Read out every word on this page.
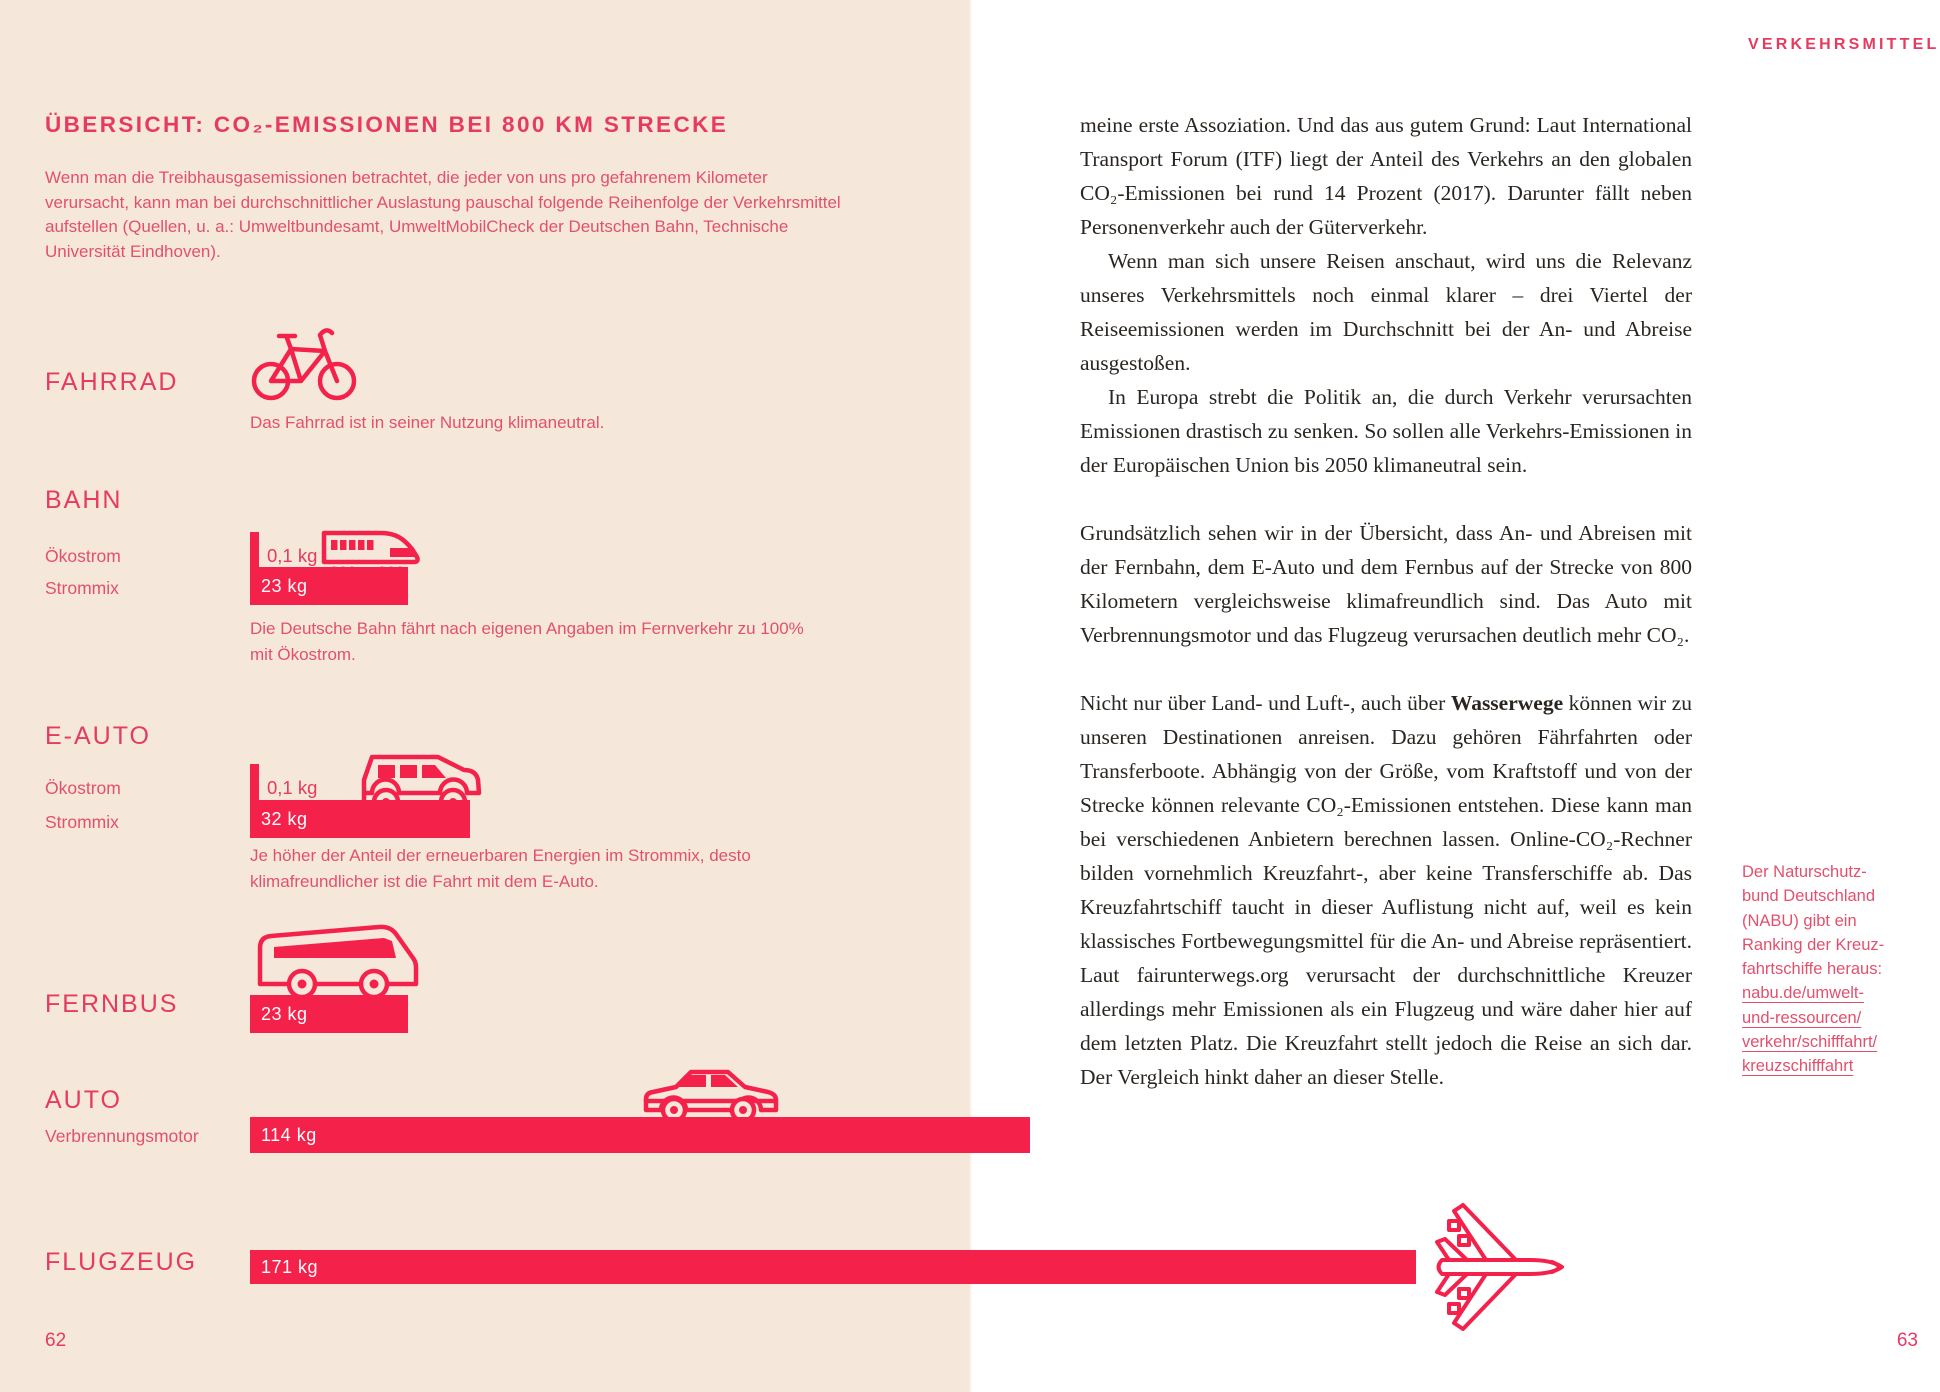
ÜBERSICHT: CO₂-EMISSIONEN BEI 800 KM STRECKE
Wenn man die Treibhausgasemissionen betrachtet, die jeder von uns pro gefahrenem Kilometer verursacht, kann man bei durchschnittlicher Auslastung pauschal folgende Reihenfolge der Verkehrsmittel aufstellen (Quellen, u. a.: Umweltbundesamt, UmweltMobilCheck der Deutschen Bahn, Technische Universität Eindhoven).
FAHRRAD
Das Fahrrad ist in seiner Nutzung klimaneutral.
BAHN
Ökostrom	0,1 kg
Strommix	23 kg
Die Deutsche Bahn fährt nach eigenen Angaben im Fernverkehr zu 100% mit Ökostrom.
E-AUTO
Ökostrom	0,1 kg
Strommix	32 kg
Je höher der Anteil der erneuerbaren Energien im Strommix, desto klimafreundlicher ist die Fahrt mit dem E-Auto.
FERNBUS	23 kg
AUTO
Verbrennungsmotor	114 kg
FLUGZEUG	171 kg
62
VERKEHRSMITTEL

meine erste Assoziation. Und das aus gutem Grund: Laut International Transport Forum (ITF) liegt der Anteil des Verkehrs an den globalen CO₂-Emissionen bei rund 14 Prozent (2017). Darunter fällt neben Personenverkehr auch der Güterverkehr.

Wenn man sich unsere Reisen anschaut, wird uns die Relevanz unseres Verkehrsmittels noch einmal klarer – drei Viertel der Reiseemissionen werden im Durchschnitt bei der An- und Abreise ausgestoßen.

In Europa strebt die Politik an, die durch Verkehr verursachten Emissionen drastisch zu senken. So sollen alle Verkehrs-Emissionen in der Europäischen Union bis 2050 klimaneutral sein.

Grundsätzlich sehen wir in der Übersicht, dass An- und Abreisen mit der Fernbahn, dem E-Auto und dem Fernbus auf der Strecke von 800 Kilometern vergleichsweise klimafreundlich sind. Das Auto mit Verbrennungsmotor und das Flugzeug verursachen deutlich mehr CO₂.

Nicht nur über Land- und Luft-, auch über Wasserwege können wir zu unseren Destinationen anreisen. Dazu gehören Fährfahrten oder Transferboote. Abhängig von der Größe, vom Kraftstoff und von der Strecke können relevante CO₂-Emissionen entstehen. Diese kann man bei verschiedenen Anbietern berechnen lassen. Online-CO₂-Rechner bilden vornehmlich Kreuzfahrt-, aber keine Transferschiffe ab. Das Kreuzfahrtschiff taucht in dieser Auflistung nicht auf, weil es kein klassisches Fortbewegungsmittel für die An- und Abreise repräsentiert. Laut fairunterwegs.org verursacht der durchschnittliche Kreuzer allerdings mehr Emissionen als ein Flugzeug und wäre daher hier auf dem letzten Platz. Die Kreuzfahrt stellt jedoch die Reise an sich dar. Der Vergleich hinkt daher an dieser Stelle.

Der Naturschutz-
bund Deutschland
(NABU) gibt ein
Ranking der Kreuz-
fahrtschiffe heraus:
nabu.de/umwelt-
und-ressourcen/
verkehr/schifffahrt/
kreuzschifffahrt
63
